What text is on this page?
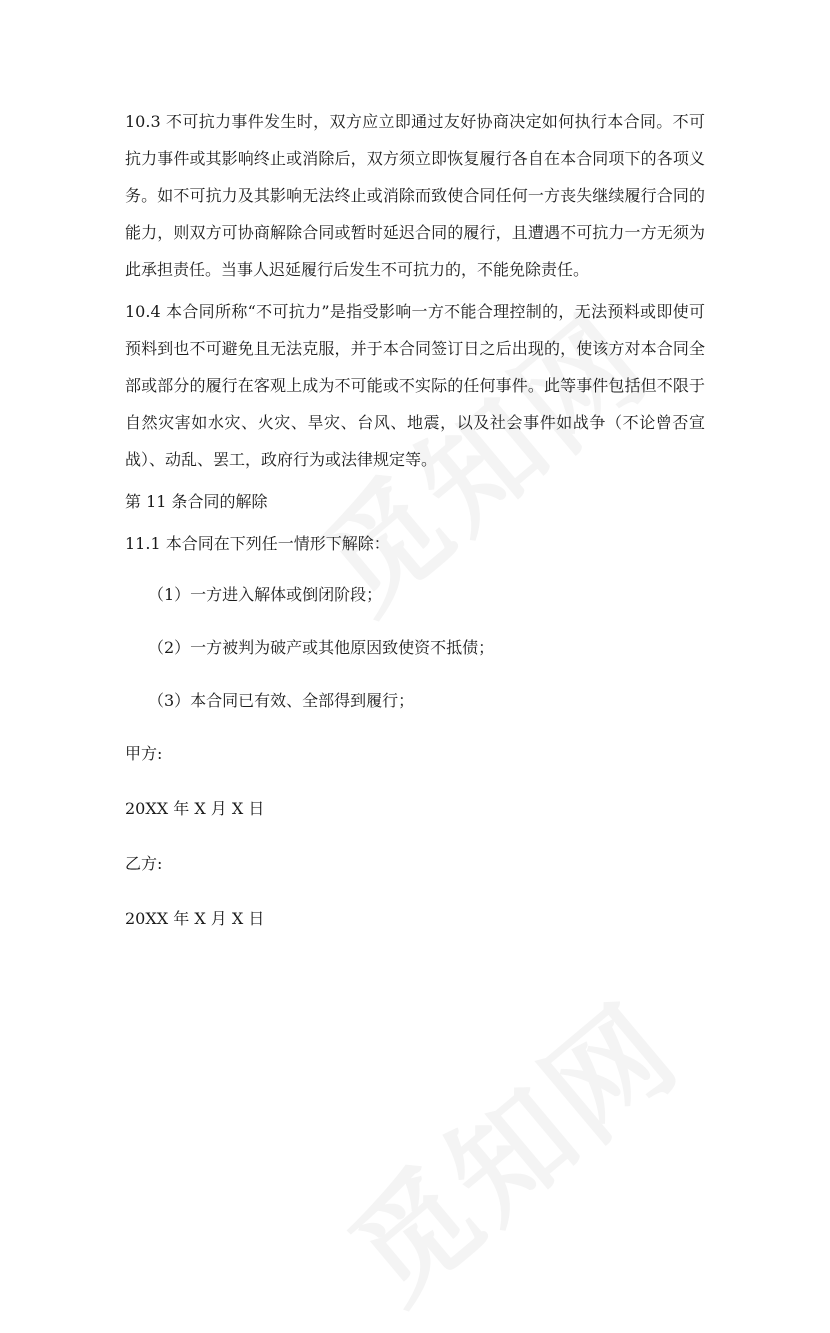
10.3 不可抗力事件发生时，双方应立即通过友好协商决定如何执行本合同。不可抗力事件或其影响终止或消除后，双方须立即恢复履行各自在本合同项下的各项义务。如不可抗力及其影响无法终止或消除而致使合同任何一方丧失继续履行合同的能力，则双方可协商解除合同或暂时延迟合同的履行，且遭遇不可抗力一方无须为此承担责任。当事人迟延履行后发生不可抗力的，不能免除责任。

10.4 本合同所称“不可抗力”是指受影响一方不能合理控制的，无法预料或即使可预料到也不可避免且无法克服，并于本合同签订日之后出现的，使该方对本合同全部或部分的履行在客观上成为不可能或不实际的任何事件。此等事件包括但不限于自然灾害如水灾、火灾、旱灾、台风、地震，以及社会事件如战争（不论曾否宣战）、动乱、罢工，政府行为或法律规定等。

第 11 条合同的解除

11.1 本合同在下列任一情形下解除：

（1）一方进入解体或倒闭阶段；

（2）一方被判为破产或其他原因致使资不抵债；

（3）本合同已有效、全部得到履行；

甲方:

20XX 年 X 月 X 日

乙方:

20XX 年 X 月 X 日
